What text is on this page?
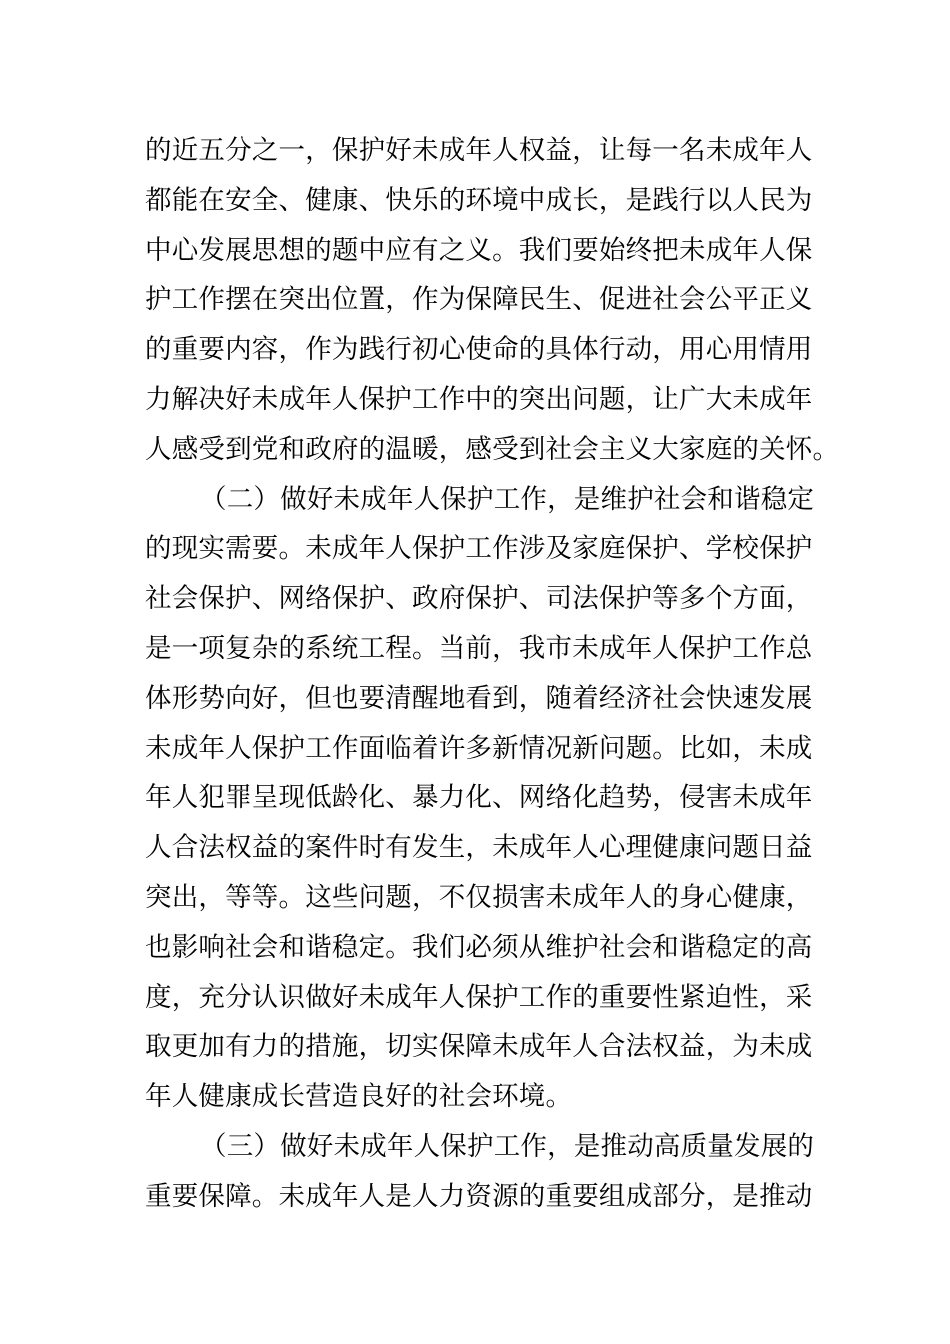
的近五分之一，保护好未成年人权益，让每一名未成年人
都能在安全、健康、快乐的环境中成长，是践行以人民为
中心发展思想的题中应有之义。我们要始终把未成年人保
护工作摆在突出位置，作为保障民生、促进社会公平正义
的重要内容，作为践行初心使命的具体行动，用心用情用
力解决好未成年人保护工作中的突出问题，让广大未成年
人感受到党和政府的温暖，感受到社会主义大家庭的关怀。
（二）做好未成年人保护工作，是维护社会和谐稳定
的现实需要。未成年人保护工作涉及家庭保护、学校保护
社会保护、网络保护、政府保护、司法保护等多个方面，
是一项复杂的系统工程。当前，我市未成年人保护工作总
体形势向好，但也要清醒地看到，随着经济社会快速发展
未成年人保护工作面临着许多新情况新问题。比如，未成
年人犯罪呈现低龄化、暴力化、网络化趋势，侵害未成年
人合法权益的案件时有发生，未成年人心理健康问题日益
突出，等等。这些问题，不仅损害未成年人的身心健康，
也影响社会和谐稳定。我们必须从维护社会和谐稳定的高
度，充分认识做好未成年人保护工作的重要性紧迫性，采
取更加有力的措施，切实保障未成年人合法权益，为未成
年人健康成长营造良好的社会环境。
（三）做好未成年人保护工作，是推动高质量发展的
重要保障。未成年人是人力资源的重要组成部分，是推动
